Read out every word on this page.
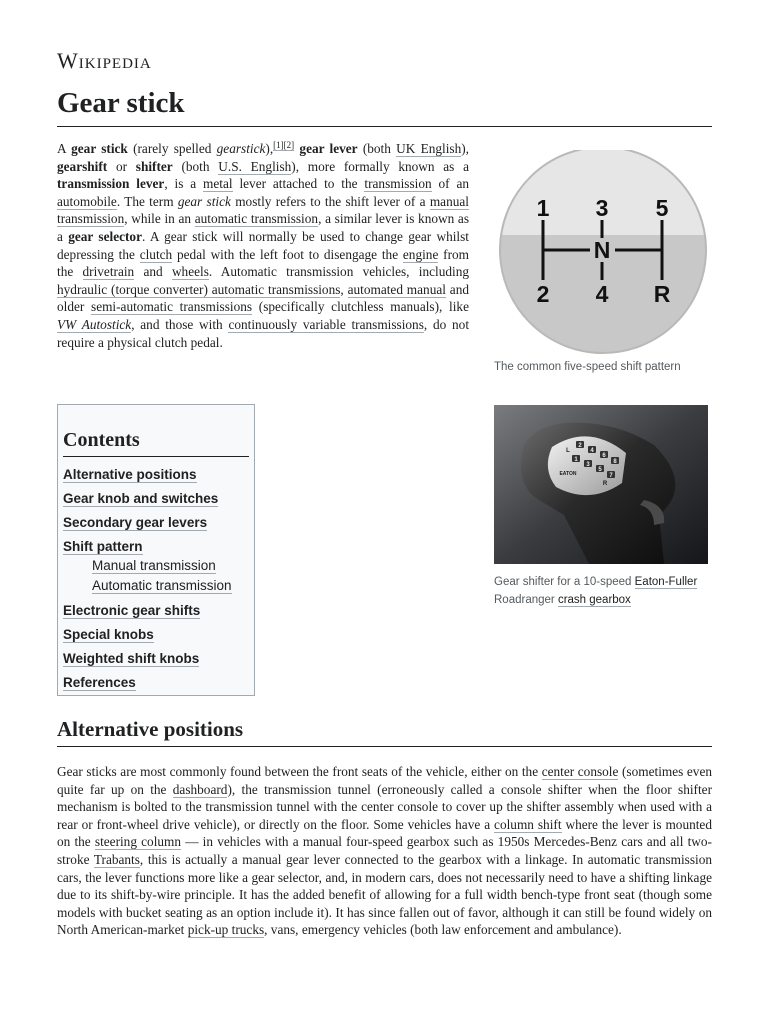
Wikipedia
Gear stick

A gear stick (rarely spelled gearstick),[1][2] gear lever (both UK English), gearshift or shifter (both U.S. English), more formally known as a transmission lever, is a metal lever attached to the transmission of an automobile. The term gear stick mostly refers to the shift lever of a manual transmission, while in an automatic transmission, a similar lever is known as a gear selector. A gear stick will normally be used to change gear whilst depressing the clutch pedal with the left foot to disengage the engine from the drivetrain and wheels. Automatic transmission vehicles, including hydraulic (torque converter) automatic transmissions, automated manual and older semi-automatic transmissions (specifically clutchless manuals), like VW Autostick, and those with continuously variable transmissions, do not require a physical clutch pedal.

1 3 5
N
2 4 R
The common five-speed shift pattern
2
4
6
8
1
3
5
7
L
R
EATON
Gear shifter for a 10-speed Eaton-Fuller Roadranger crash gearbox
Contents
Alternative positions
Gear knob and switches
Secondary gear levers
Shift pattern
Manual transmission
Automatic transmission
Electronic gear shifts
Special knobs
Weighted shift knobs
References
Alternative positions

Gear sticks are most commonly found between the front seats of the vehicle, either on the center console (sometimes even quite far up on the dashboard), the transmission tunnel (erroneously called a console shifter when the floor shifter mechanism is bolted to the transmission tunnel with the center console to cover up the shifter assembly when used with a rear or front-wheel drive vehicle), or directly on the floor. Some vehicles have a column shift where the lever is mounted on the steering column — in vehicles with a manual four-speed gearbox such as 1950s Mercedes-Benz cars and all two-stroke Trabants, this is actually a manual gear lever connected to the gearbox with a linkage. In automatic transmission cars, the lever functions more like a gear selector, and, in modern cars, does not necessarily need to have a shifting linkage due to its shift-by-wire principle. It has the added benefit of allowing for a full width bench-type front seat (though some models with bucket seating as an option include it). It has since fallen out of favor, although it can still be found widely on North American-market pick-up trucks, vans, emergency vehicles (both law enforcement and ambulance).
